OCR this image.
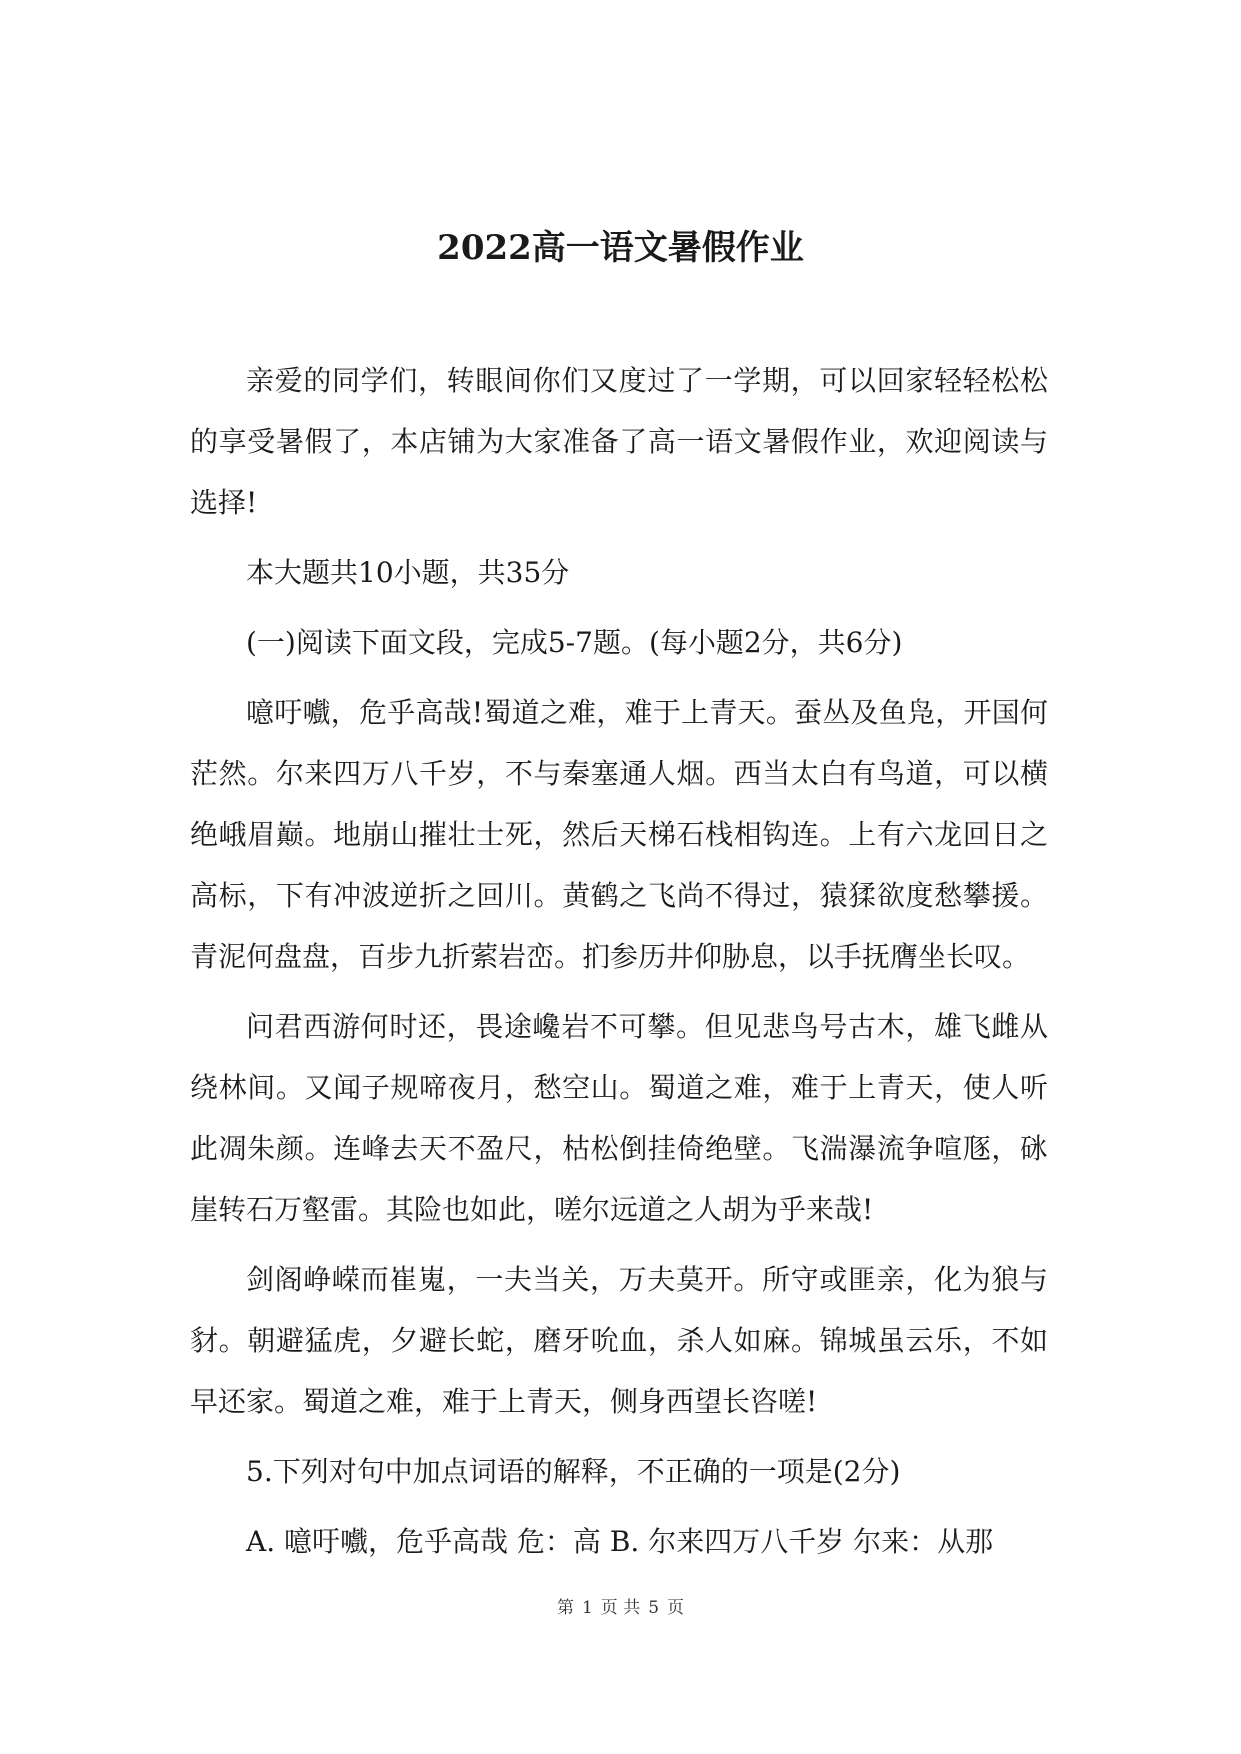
2022高一语文暑假作业

亲爱的同学们，转眼间你们又度过了一学期，可以回家轻轻松松的享受暑假了，本店铺为大家准备了高一语文暑假作业，欢迎阅读与选择!

本大题共10小题，共35分

(一)阅读下面文段，完成5-7题。(每小题2分，共6分)

噫吁嚱，危乎高哉!蜀道之难，难于上青天。蚕丛及鱼凫，开国何茫然。尔来四万八千岁，不与秦塞通人烟。西当太白有鸟道，可以横绝峨眉巅。地崩山摧壮士死，然后天梯石栈相钩连。上有六龙回日之高标，下有冲波逆折之回川。黄鹤之飞尚不得过，猿猱欲度愁攀援。青泥何盘盘，百步九折萦岩峦。扪参历井仰胁息，以手抚膺坐长叹。

问君西游何时还，畏途巉岩不可攀。但见悲鸟号古木，雄飞雌从绕林间。又闻子规啼夜月，愁空山。蜀道之难，难于上青天，使人听此凋朱颜。连峰去天不盈尺，枯松倒挂倚绝壁。飞湍瀑流争喧豗，砯崖转石万壑雷。其险也如此，嗟尔远道之人胡为乎来哉!

剑阁峥嵘而崔嵬，一夫当关，万夫莫开。所守或匪亲，化为狼与豺。朝避猛虎，夕避长蛇，磨牙吮血，杀人如麻。锦城虽云乐，不如早还家。蜀道之难，难于上青天，侧身西望长咨嗟!

5.下列对句中加点词语的解释，不正确的一项是(2分)

A. 噫吁嚱，危乎高哉 危：高 B. 尔来四万八千岁 尔来：从那

第 1 页 共 5 页
